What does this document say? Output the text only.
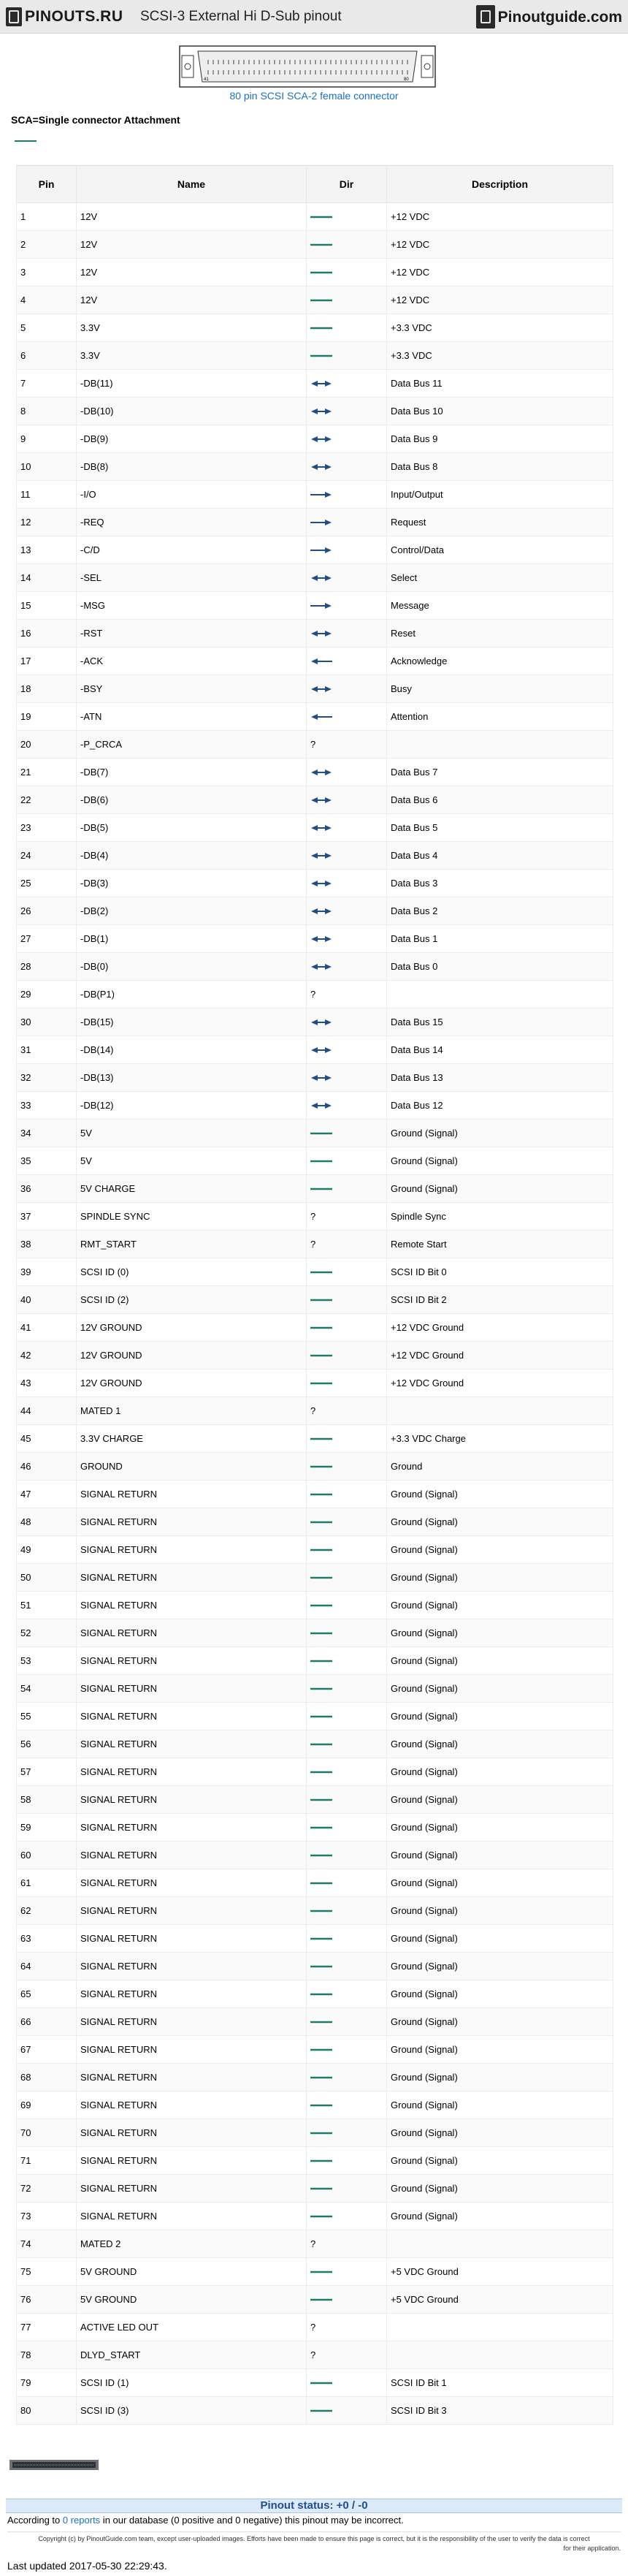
PINOUTS.RU SCSI-3 External Hi D-Sub pinout	Pinoutguide.com
41	80
80 pin SCSI SCA-2 female connector
SCA=Single connector Attachment
Pin	Name	Dir	Description
1	12V		+12 VDC
2	12V		+12 VDC
3	12V		+12 VDC
4	12V		+12 VDC
5	3.3V		+3.3 VDC
6	3.3V		+3.3 VDC
7	-DB(11)		Data Bus 11
8	-DB(10)		Data Bus 10
9	-DB(9)		Data Bus 9
10	-DB(8)		Data Bus 8
11	-I/O		Input/Output
12	-REQ		Request
13	-C/D		Control/Data
14	-SEL		Select
15	-MSG		Message
16	-RST		Reset
17	-ACK		Acknowledge
18	-BSY		Busy
19	-ATN		Attention
20	-P_CRCA	?	
21	-DB(7)		Data Bus 7
22	-DB(6)		Data Bus 6
23	-DB(5)		Data Bus 5
24	-DB(4)		Data Bus 4
25	-DB(3)		Data Bus 3
26	-DB(2)		Data Bus 2
27	-DB(1)		Data Bus 1
28	-DB(0)		Data Bus 0
29	-DB(P1)	?	
30	-DB(15)		Data Bus 15
31	-DB(14)		Data Bus 14
32	-DB(13)		Data Bus 13
33	-DB(12)		Data Bus 12
34	5V		Ground (Signal)
35	5V		Ground (Signal)
36	5V CHARGE		Ground (Signal)
37	SPINDLE SYNC	?	Spindle Sync
38	RMT_START	?	Remote Start
39	SCSI ID (0)		SCSI ID Bit 0
40	SCSI ID (2)		SCSI ID Bit 2
41	12V GROUND		+12 VDC Ground
42	12V GROUND		+12 VDC Ground
43	12V GROUND		+12 VDC Ground
44	MATED 1	?	
45	3.3V CHARGE		+3.3 VDC Charge
46	GROUND		Ground
47	SIGNAL RETURN		Ground (Signal)
48	SIGNAL RETURN		Ground (Signal)
49	SIGNAL RETURN		Ground (Signal)
50	SIGNAL RETURN		Ground (Signal)
51	SIGNAL RETURN		Ground (Signal)
52	SIGNAL RETURN		Ground (Signal)
53	SIGNAL RETURN		Ground (Signal)
54	SIGNAL RETURN		Ground (Signal)
55	SIGNAL RETURN		Ground (Signal)
56	SIGNAL RETURN		Ground (Signal)
57	SIGNAL RETURN		Ground (Signal)
58	SIGNAL RETURN		Ground (Signal)
59	SIGNAL RETURN		Ground (Signal)
60	SIGNAL RETURN		Ground (Signal)
61	SIGNAL RETURN		Ground (Signal)
62	SIGNAL RETURN		Ground (Signal)
63	SIGNAL RETURN		Ground (Signal)
64	SIGNAL RETURN		Ground (Signal)
65	SIGNAL RETURN		Ground (Signal)
66	SIGNAL RETURN		Ground (Signal)
67	SIGNAL RETURN		Ground (Signal)
68	SIGNAL RETURN		Ground (Signal)
69	SIGNAL RETURN		Ground (Signal)
70	SIGNAL RETURN		Ground (Signal)
71	SIGNAL RETURN		Ground (Signal)
72	SIGNAL RETURN		Ground (Signal)
73	SIGNAL RETURN		Ground (Signal)
74	MATED 2	?	
75	5V GROUND		+5 VDC Ground
76	5V GROUND		+5 VDC Ground
77	ACTIVE LED OUT	?	
78	DLYD_START	?	
79	SCSI ID (1)		SCSI ID Bit 1
80	SCSI ID (3)		SCSI ID Bit 3
Pinout status: +0 / -0
According to 0 reports in our database (0 positive and 0 negative) this pinout may be incorrect.
Copyright (c) by PinoutGuide.com team, except user-uploaded images. Efforts have been made to ensure this page is correct, but it is the responsibility of the user to verify the data is correct

for their application.
Last updated 2017-05-30 22:29:43.
